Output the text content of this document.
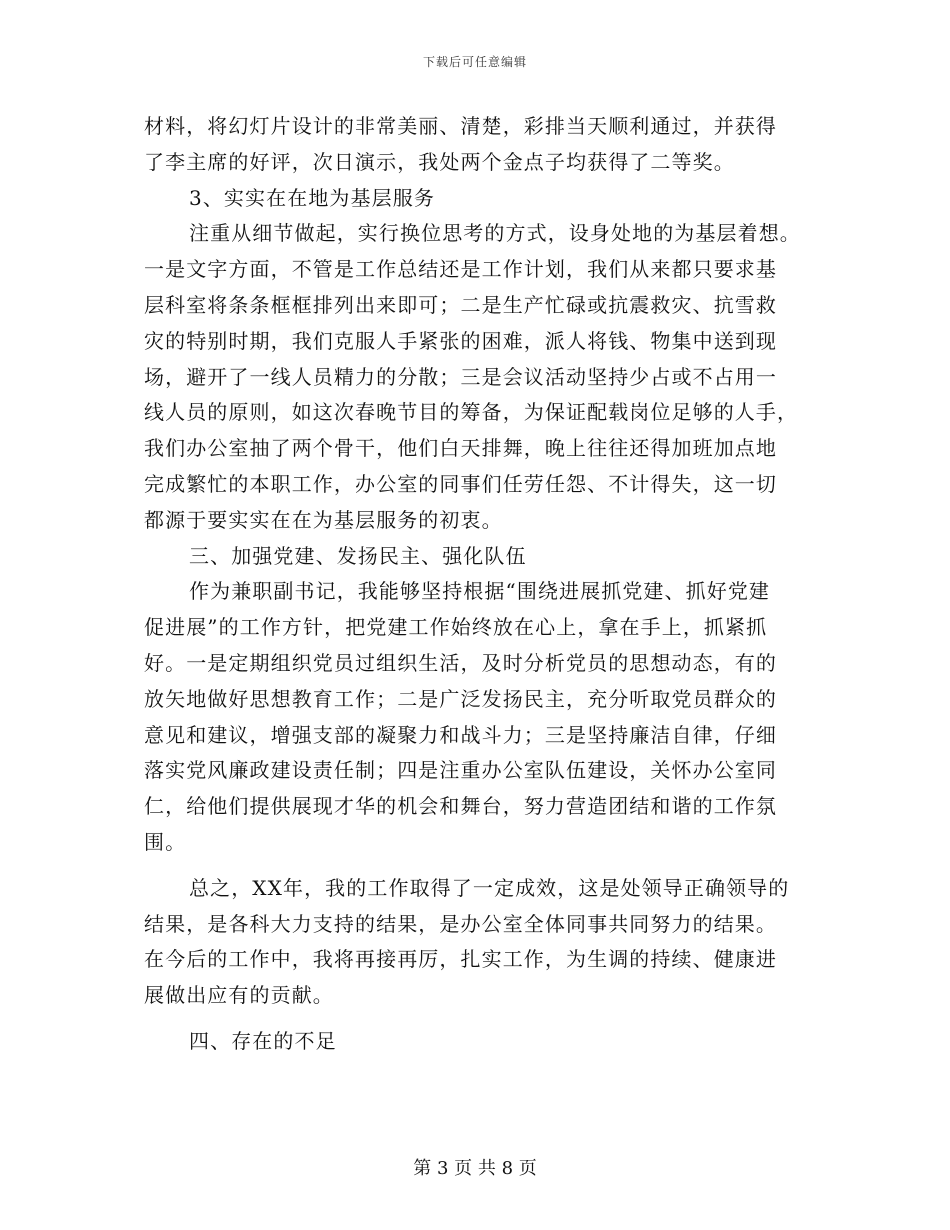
下载后可任意编辑
材料，将幻灯片设计的非常美丽、清楚，彩排当天顺利通过，并获得
了李主席的好评，次日演示，我处两个金点子均获得了二等奖。
3、实实在在地为基层服务
注重从细节做起，实行换位思考的方式，设身处地的为基层着想。
一是文字方面，不管是工作总结还是工作计划，我们从来都只要求基
层科室将条条框框排列出来即可；二是生产忙碌或抗震救灾、抗雪救
灾的特别时期，我们克服人手紧张的困难，派人将钱、物集中送到现
场，避开了一线人员精力的分散；三是会议活动坚持少占或不占用一
线人员的原则，如这次春晚节目的筹备，为保证配载岗位足够的人手，
我们办公室抽了两个骨干，他们白天排舞，晚上往往还得加班加点地
完成繁忙的本职工作，办公室的同事们任劳任怨、不计得失，这一切
都源于要实实在在为基层服务的初衷。
三、加强党建、发扬民主、强化队伍
作为兼职副书记，我能够坚持根据“围绕进展抓党建、抓好党建
促进展”的工作方针，把党建工作始终放在心上，拿在手上，抓紧抓
好。一是定期组织党员过组织生活，及时分析党员的思想动态，有的
放矢地做好思想教育工作；二是广泛发扬民主，充分听取党员群众的
意见和建议，增强支部的凝聚力和战斗力；三是坚持廉洁自律，仔细
落实党风廉政建设责任制；四是注重办公室队伍建设，关怀办公室同
仁，给他们提供展现才华的机会和舞台，努力营造团结和谐的工作氛
围。
总之，XX年，我的工作取得了一定成效，这是处领导正确领导的
结果，是各科大力支持的结果，是办公室全体同事共同努力的结果。
在今后的工作中，我将再接再厉，扎实工作，为生调的持续、健康进
展做出应有的贡献。
四、存在的不足
第 3 页 共 8 页
